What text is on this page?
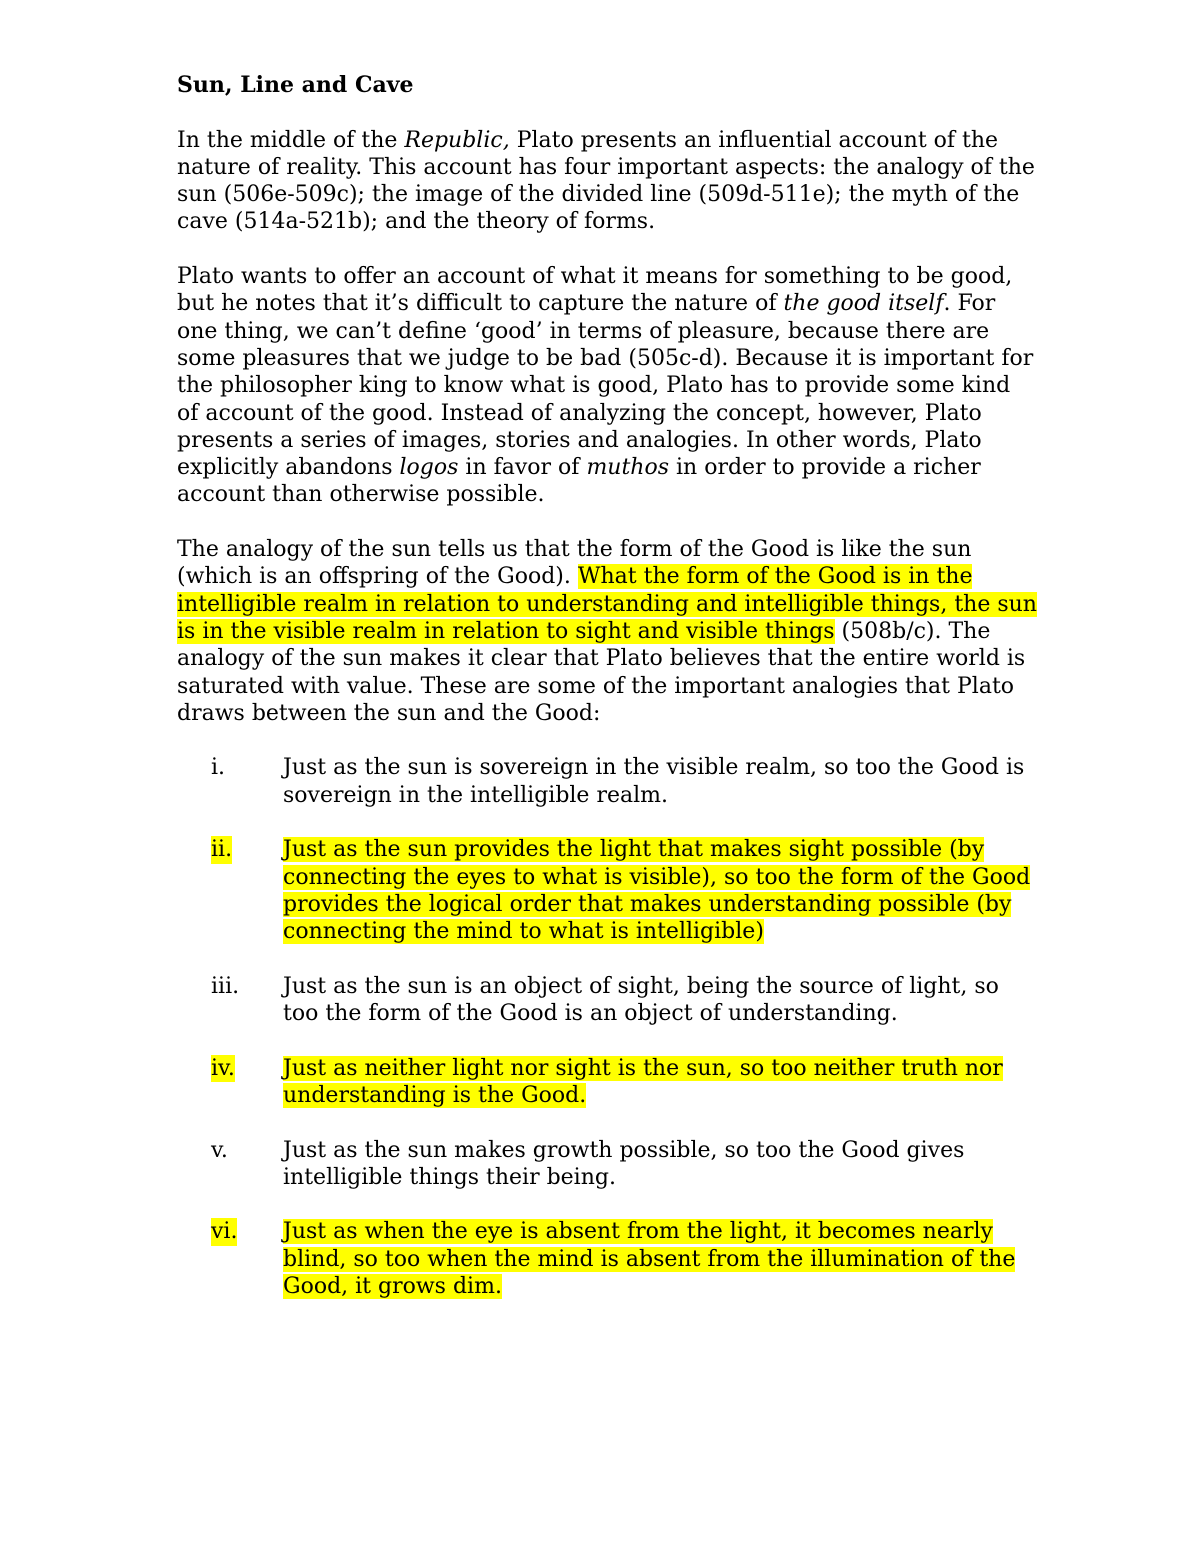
Sun, Line and Cave

In the middle of the Republic, Plato presents an influential account of the nature of reality. This account has four important aspects: the analogy of the sun (506e-509c); the image of the divided line (509d-511e); the myth of the cave (514a-521b); and the theory of forms.

Plato wants to offer an account of what it means for something to be good, but he notes that it’s difficult to capture the nature of the good itself. For one thing, we can’t define ‘good’ in terms of pleasure, because there are some pleasures that we judge to be bad (505c-d). Because it is important for the philosopher king to know what is good, Plato has to provide some kind of account of the good. Instead of analyzing the concept, however, Plato presents a series of images, stories and analogies. In other words, Plato explicitly abandons logos in favor of muthos in order to provide a richer account than otherwise possible.

The analogy of the sun tells us that the form of the Good is like the sun (which is an offspring of the Good). What the form of the Good is in the intelligible realm in relation to understanding and intelligible things, the sun is in the visible realm in relation to sight and visible things (508b/c). The analogy of the sun makes it clear that Plato believes that the entire world is saturated with value. These are some of the important analogies that Plato draws between the sun and the Good:

i.	Just as the sun is sovereign in the visible realm, so too the Good is sovereign in the intelligible realm.
ii. Just as the sun provides the light that makes sight possible (by connecting the eyes to what is visible), so too the form of the Good provides the logical order that makes understanding possible (by connecting the mind to what is intelligible)
iii. Just as the sun is an object of sight, being the source of light, so too the form of the Good is an object of understanding.
iv. Just as neither light nor sight is the sun, so too neither truth nor understanding is the Good.
v.	Just as the sun makes growth possible, so too the Good gives intelligible things their being.
vi. Just as when the eye is absent from the light, it becomes nearly blind, so too when the mind is absent from the illumination of the Good, it grows dim.
